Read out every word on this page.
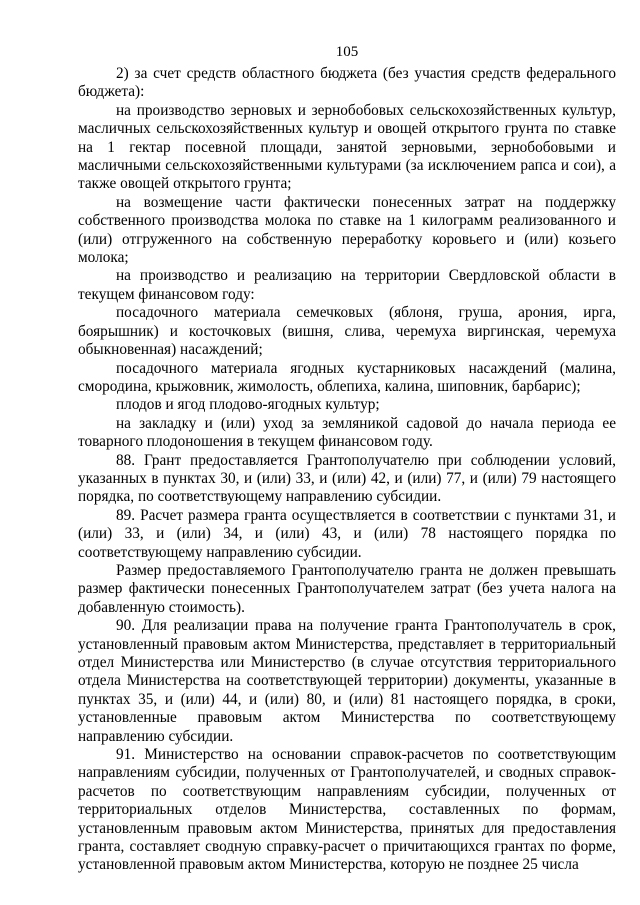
105

2) за счет средств областного бюджета (без участия средств федерального бюджета):

на производство зерновых и зернобобовых сельскохозяйственных культур, масличных сельскохозяйственных культур и овощей открытого грунта по ставке на 1 гектар посевной площади, занятой зерновыми, зернобобовыми и масличными сельскохозяйственными культурами (за исключением рапса и сои), а также овощей открытого грунта;

на возмещение части фактически понесенных затрат на поддержку собственного производства молока по ставке на 1 килограмм реализованного и (или) отгруженного на собственную переработку коровьего и (или) козьего молока;

на производство и реализацию на территории Свердловской области в текущем финансовом году:

посадочного материала семечковых (яблоня, груша, арония, ирга, боярышник) и косточковых (вишня, слива, черемуха виргинская, черемуха обыкновенная) насаждений;

посадочного материала ягодных кустарниковых насаждений (малина, смородина, крыжовник, жимолость, облепиха, калина, шиповник, барбарис);

плодов и ягод плодово-ягодных культур;

на закладку и (или) уход за земляникой садовой до начала периода ее товарного плодоношения в текущем финансовом году.

88. Грант предоставляется Грантополучателю при соблюдении условий, указанных в пунктах 30, и (или) 33, и (или) 42, и (или) 77, и (или) 79 настоящего порядка, по соответствующему направлению субсидии.

89. Расчет размера гранта осуществляется в соответствии с пунктами 31, и (или) 33, и (или) 34, и (или) 43, и (или) 78 настоящего порядка по соответствующему направлению субсидии.

Размер предоставляемого Грантополучателю гранта не должен превышать размер фактически понесенных Грантополучателем затрат (без учета налога на добавленную стоимость).

90. Для реализации права на получение гранта Грантополучатель в срок, установленный правовым актом Министерства, представляет в территориальный отдел Министерства или Министерство (в случае отсутствия территориального отдела Министерства на соответствующей территории) документы, указанные в пунктах 35, и (или) 44, и (или) 80, и (или) 81 настоящего порядка, в сроки, установленные правовым актом Министерства по соответствующему направлению субсидии.

91. Министерство на основании справок-расчетов по соответствующим направлениям субсидии, полученных от Грантополучателей, и сводных справок-расчетов по соответствующим направлениям субсидии, полученных от территориальных отделов Министерства, составленных по формам, установленным правовым актом Министерства, принятых для предоставления гранта, составляет сводную справку-расчет о причитающихся грантах по форме, установленной правовым актом Министерства, которую не позднее 25 числа
